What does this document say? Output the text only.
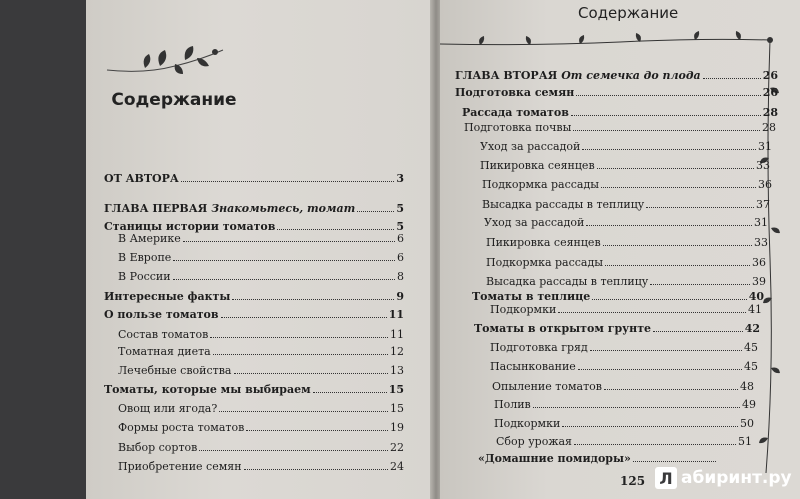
Содержание
ОТ АВТОРА	3
ГЛАВА ПЕРВАЯ Знакомьтесь, томат	5
Станицы истории томатов	5
В Америке	6
В Европе	6
В России	8
Интересные факты	9
О пользе томатов	11
Состав томатов	11
Томатная диета	12
Лечебные свойства	13
Томаты, которые мы выбираем	15
Овощ или ягода?	15
Формы роста томатов	19
Выбор сортов	22
Приобретение семян	24
Содержание
ГЛАВА ВТОРАЯ От семечка до плода	26
Подготовка семян	26
Рассада томатов	28
Подготовка почвы	28
Уход за рассадой	31
Пикировка сеянцев	33
Подкормка рассады	36
Высадка рассады в теплицу	37
Уход за рассадой	31
Пикировка сеянцев	33
Подкормка рассады	36
Высадка рассады в теплицу	39
Томаты в теплице	40
Подкормки	41
Томаты в открытом грунте	42
Подготовка гряд	45
Пасынкование	45
Опыление томатов	48
Полив	49
Подкормки	50
Сбор урожая	51
«Домашние помидоры»
125 Л абиринт.ру
